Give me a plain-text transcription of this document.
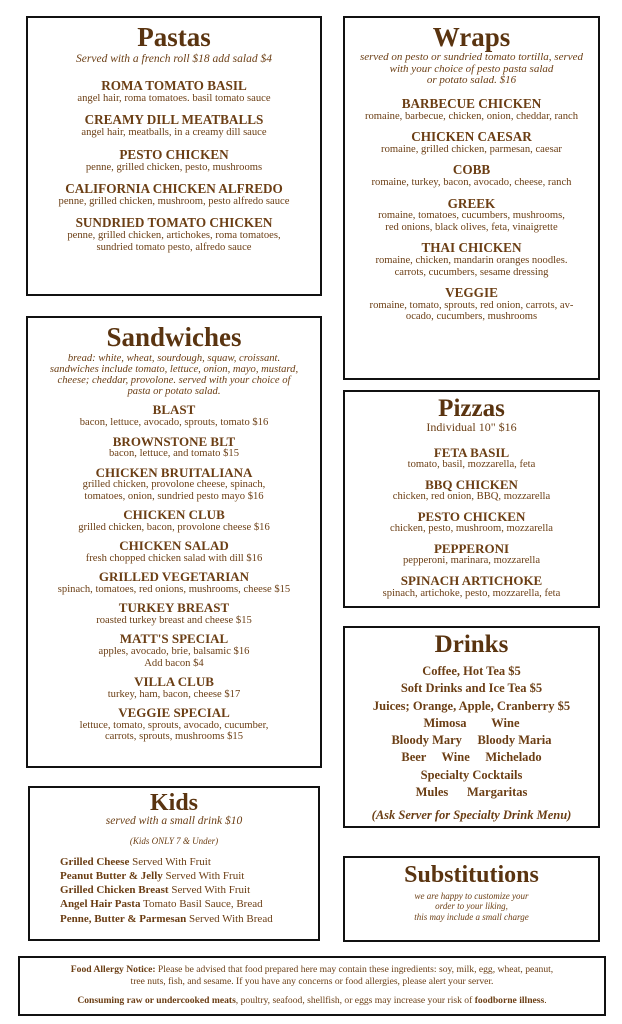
Pastas
Served with a french roll $18 add salad $4
ROMA TOMATO BASIL
angel hair, roma tomatoes. basil tomato sauce
CREAMY DILL MEATBALLS
angel hair, meatballs, in a creamy dill sauce
PESTO CHICKEN
penne, grilled chicken, pesto, mushrooms
CALIFORNIA CHICKEN ALFREDO
penne, grilled chicken, mushroom, pesto alfredo sauce
SUNDRIED TOMATO CHICKEN
penne, grilled chicken, artichokes, roma tomatoes,
sundried tomato pesto, alfredo sauce
Wraps
served on pesto or sundried tomato tortilla, served
with your choice of pesto pasta salad
or potato salad. $16
BARBECUE CHICKEN
romaine, barbecue, chicken, onion, cheddar, ranch
CHICKEN CAESAR
romaine, grilled chicken, parmesan, caesar
COBB
romaine, turkey, bacon, avocado, cheese, ranch
GREEK
romaine, tomatoes, cucumbers, mushrooms,
red onions, black olives, feta, vinaigrette
THAI CHICKEN
romaine, chicken, mandarin oranges noodles.
carrots, cucumbers, sesame dressing
VEGGIE
romaine, tomato, sprouts, red onion, carrots, av-
ocado, cucumbers, mushrooms
Sandwiches
bread: white, wheat, sourdough, squaw, croissant.
sandwiches include tomato, lettuce, onion, mayo, mustard,
cheese; cheddar, provolone. served with your choice of
pasta or potato salad.
BLAST
bacon, lettuce, avocado, sprouts, tomato $16
BROWNSTONE BLT
bacon, lettuce, and tomato $15
CHICKEN BRUITALIANA
grilled chicken, provolone cheese, spinach,
tomatoes, onion, sundried pesto mayo $16
CHICKEN CLUB
grilled chicken, bacon, provolone cheese $16
CHICKEN SALAD
fresh chopped chicken salad with dill $16
GRILLED VEGETARIAN
spinach, tomatoes, red onions, mushrooms, cheese $15
TURKEY BREAST
roasted turkey breast and cheese $15
MATT'S SPECIAL
apples, avocado, brie, balsamic $16
Add bacon $4
VILLA CLUB
turkey, ham, bacon, cheese $17
VEGGIE SPECIAL
lettuce, tomato, sprouts, avocado, cucumber,
carrots, sprouts, mushrooms $15
Pizzas
Individual 10" $16
FETA BASIL
tomato, basil, mozzarella, feta
BBQ CHICKEN
chicken, red onion, BBQ, mozzarella
PESTO CHICKEN
chicken, pesto, mushroom, mozzarella
PEPPERONI
pepperoni, marinara, mozzarella
SPINACH ARTICHOKE
spinach, artichoke, pesto, mozzarella, feta
Drinks
Coffee, Hot Tea $5
Soft Drinks and Ice Tea $5
Juices; Orange, Apple, Cranberry $5
Mimosa        Wine
Bloody Mary     Bloody Maria
Beer     Wine     Michelado
Specialty Cocktails
Mules      Margaritas
(Ask Server for Specialty Drink Menu)
Kids
served with a small drink $10
(Kids ONLY 7 & Under)
Grilled Cheese Served With Fruit
Peanut Butter & Jelly Served With Fruit
Grilled Chicken Breast Served With Fruit
Angel Hair Pasta Tomato Basil Sauce, Bread
Penne, Butter & Parmesan Served With Bread
Substitutions
we are happy to customize your
order to your liking,
this may include a small charge
Food Allergy Notice: Please be advised that food prepared here may contain these ingredients: soy, milk, egg, wheat, peanut,
tree nuts, fish, and sesame. If you have any concerns or food allergies, please alert your server.
Consuming raw or undercooked meats, poultry, seafood, shellfish, or eggs may increase your risk of foodborne illness.
